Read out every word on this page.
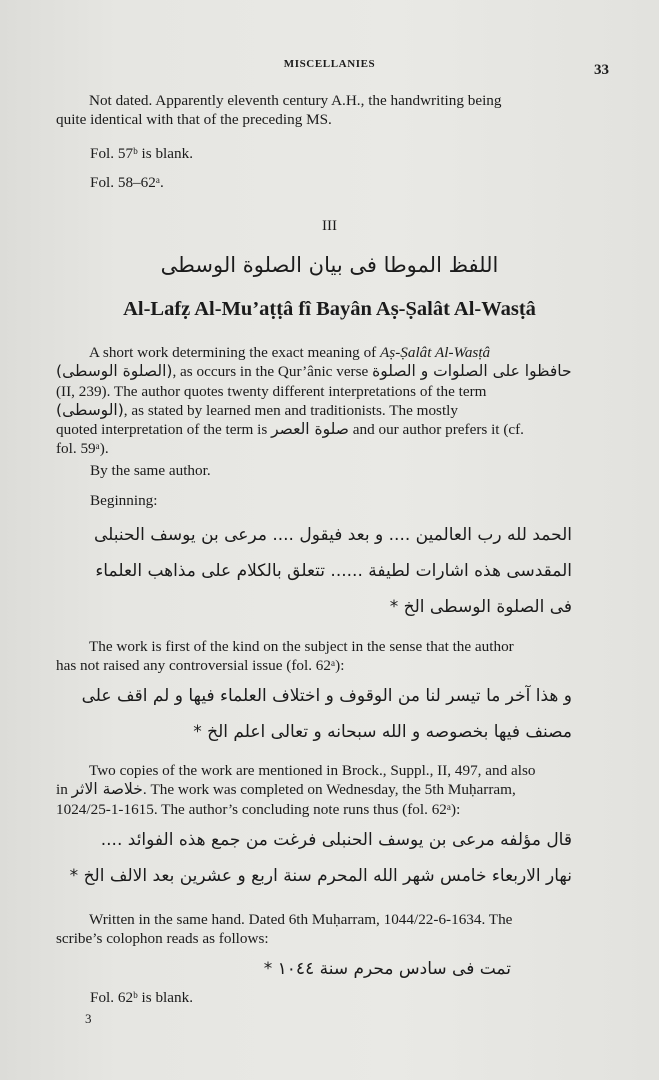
MISCELLANIES	33
Not dated. Apparently eleventh century A.H., the handwriting being
quite identical with that of the preceding MS.
Fol. 57ᵇ is blank.
Fol. 58–62ᵃ.
III
اللفظ الموطا فى بيان الصلوة الوسطى
Al-Lafẓ Al-Mu’aṭṭâ fî Bayân Aṣ-Ṣalât Al-Wasṭâ
A short work determining the exact meaning of Aṣ-Ṣalât Al-Wasṭâ
(الصلوة الوسطى), as occurs in the Qur’ânic verse حافظوا على الصلوات و الصلوة
(II, 239). The author quotes twenty different interpretations of the term
(الوسطى), as stated by learned men and traditionists. The mostly
quoted interpretation of the term is صلوة العصر and our author prefers it (cf.
fol. 59ᵃ).
By the same author.
Beginning:
الحمد لله رب العالمين .... و بعد فيقول .... مرعى بن يوسف الحنبلى
المقدسى هذه اشارات لطيفة ...... تتعلق بالكلام على مذاهب العلماء
فى الصلوة الوسطى الخ *
The work is first of the kind on the subject in the sense that the author
has not raised any controversial issue (fol. 62ᵃ):
و هذا آخر ما تيسر لنا من الوقوف و اختلاف العلماء فيها و لم اقف على
مصنف فيها بخصوصه و الله سبحانه و تعالى اعلم الخ *
Two copies of the work are mentioned in Brock., Suppl., II, 497, and also
in خلاصة الاثر. The work was completed on Wednesday, the 5th Muḥarram,
1024/25-1-1615. The author’s concluding note runs thus (fol. 62ᵃ):
قال مؤلفه مرعى بن يوسف الحنبلى فرغت من جمع هذه الفوائد ....
نهار الاربعاء خامس شهر الله المحرم سنة اربع و عشرين بعد الالف الخ *
Written in the same hand. Dated 6th Muḥarram, 1044/22-6-1634. The
scribe’s colophon reads as follows:
تمت فى سادس محرم سنة ١٠٤٤ *
Fol. 62ᵇ is blank.
3
